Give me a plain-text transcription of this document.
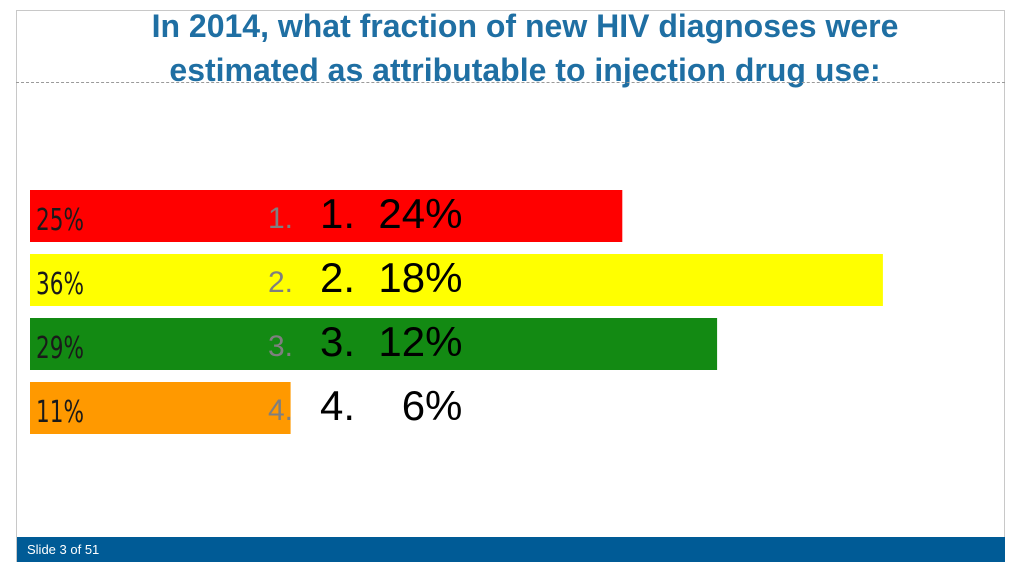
In 2014, what fraction of new HIV diagnoses were
estimated as attributable to injection drug use:
25%	1. 1.  24%
36%	2. 2.  18%
29%	3. 3.  12%
11%	4. 4.    6%
Slide 3 of 51
